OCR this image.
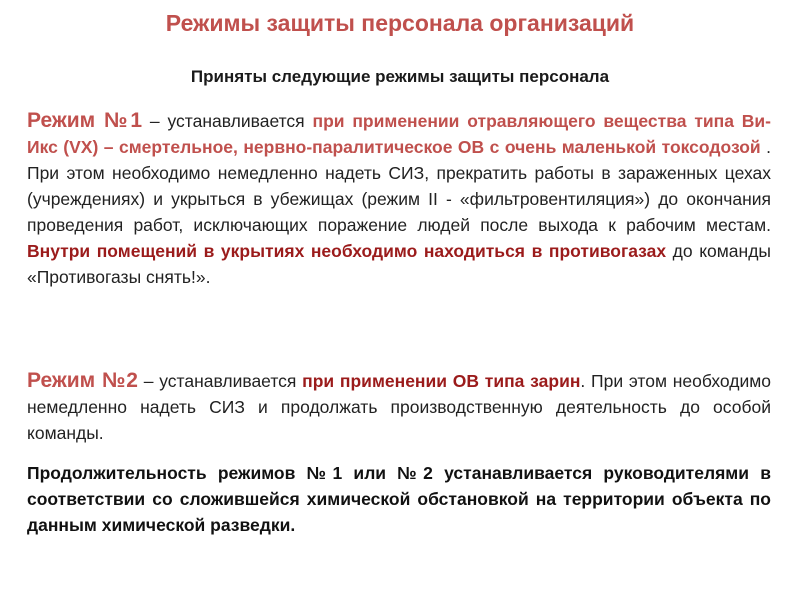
Режимы защиты персонала организаций
Приняты следующие режимы защиты персонала
Режим №1 – устанавливается при применении отравляющего вещества типа Ви-Икс (VX) – смертельное, нервно-паралитическое ОВ с очень маленькой токсодозой . При этом необходимо немедленно надеть СИЗ, прекратить работы в зараженных цехах (учреждениях) и укрыться в убежищах (режим II - «фильтровентиляция») до окончания проведения работ, исключающих поражение людей после выхода к рабочим местам. Внутри помещений в укрытиях необходимо находиться в противогазах до команды «Противогазы снять!».
Режим №2 – устанавливается при применении ОВ типа зарин. При этом необходимо немедленно надеть СИЗ и продолжать производственную деятельность до особой команды.
Продолжительность режимов №1 или №2 устанавливается руководителями в соответствии со сложившейся химической обстановкой на территории объекта по данным химической разведки.
